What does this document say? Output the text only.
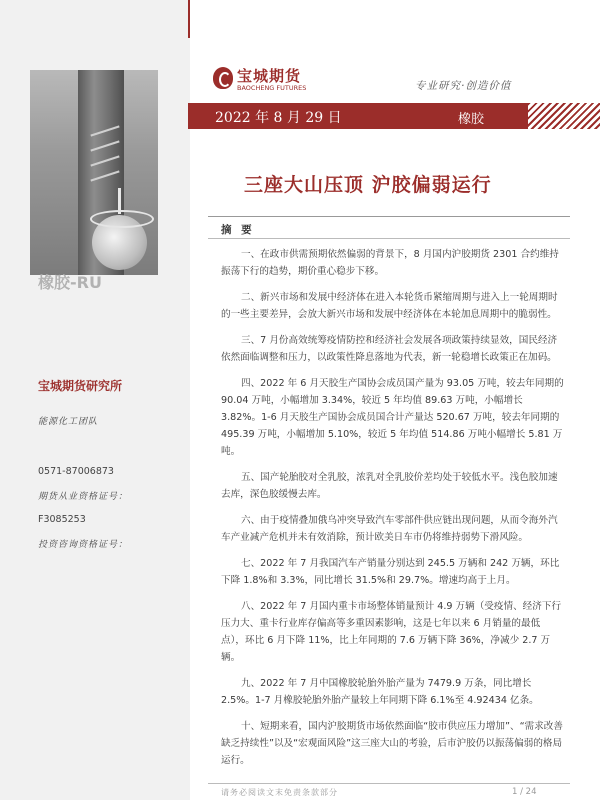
橡胶-RU
宝城期货研究所
能源化工团队
0571-87006873
期货从业资格证号：
F3085253
投资咨询资格证号：
宝城期货
BAOCHENG FUTURES	专业研究·创造价值
2022 年 8 月 29 日	橡胶
三座大山压顶 沪胶偏弱运行
摘 要

一、在政市供需预期依然偏弱的背景下，8 月国内沪胶期货 2301 合约维持振荡下行的趋势，期价重心稳步下移。

二、新兴市场和发展中经济体在进入本轮货币紧缩周期与进入上一轮周期时的一些主要差异，会放大新兴市场和发展中经济体在本轮加息周期中的脆弱性。

三、7 月份高效统筹疫情防控和经济社会发展各项政策持续显效，国民经济依然面临调整和压力，以政策性降息落地为代表，新一轮稳增长政策正在加码。

四、2022 年 6 月天胶生产国协会成员国产量为 93.05 万吨，较去年同期的 90.04 万吨，小幅增加 3.34%，较近 5 年均值 89.63 万吨，小幅增长 3.82%。1-6 月天胶生产国协会成员国合计产量达 520.67 万吨，较去年同期的 495.39 万吨，小幅增加 5.10%，较近 5 年均值 514.86 万吨小幅增长 5.81 万吨。

五、国产轮胎胶对全乳胶，浓乳对全乳胶价差均处于较低水平。浅色胶加速去库，深色胶缓慢去库。

六、由于疫情叠加俄乌冲突导致汽车零部件供应链出现问题，从而令海外汽车产业减产危机并未有效消除，预计欧美日车市仍将维持弱势下滑风险。

七、2022 年 7 月我国汽车产销量分别达到 245.5 万辆和 242 万辆，环比下降 1.8%和 3.3%，同比增长 31.5%和 29.7%。增速均高于上月。

八、2022 年 7 月国内重卡市场整体销量预计 4.9 万辆（受疫情、经济下行压力大、重卡行业库存偏高等多重因素影响，这是七年以来 6 月销量的最低点），环比 6 月下降 11%，比上年同期的 7.6 万辆下降 36%，净减少 2.7 万辆。

九、2022 年 7 月中国橡胶轮胎外胎产量为 7479.9 万条，同比增长 2.5%。1-7 月橡胶轮胎外胎产量较上年同期下降 6.1%至 4.92434 亿条。

十、短期来看，国内沪胶期货市场依然面临“胶市供应压力增加”、“需求改善缺乏持续性”以及“宏观面风险”这三座大山的考验，后市沪胶仍以振荡偏弱的格局运行。

请务必阅读文末免责条款部分	1 / 24
